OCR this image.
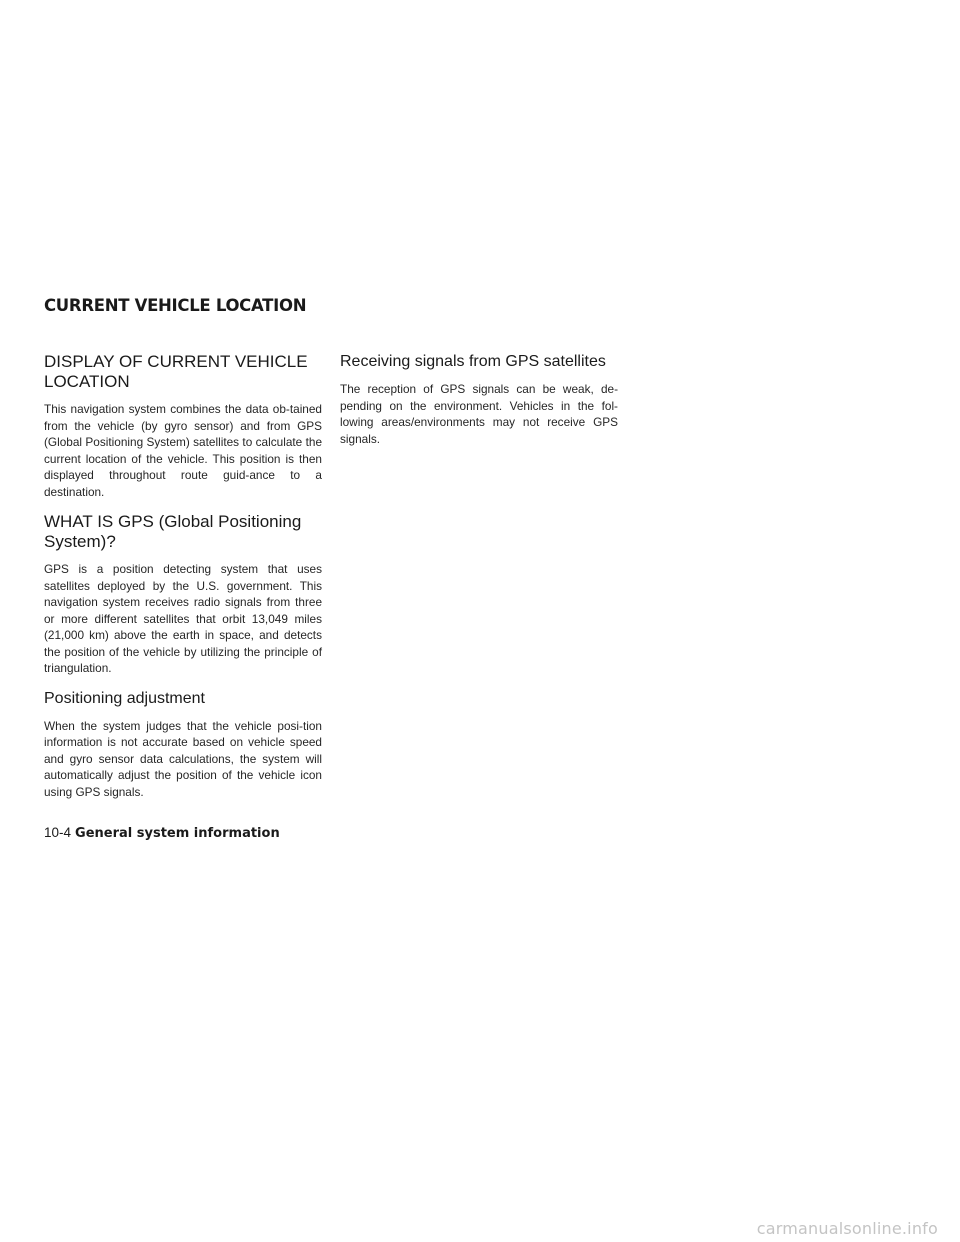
CURRENT VEHICLE LOCATION
DISPLAY OF CURRENT VEHICLE LOCATION

This navigation system combines the data ob-tained from the vehicle (by gyro sensor) and from GPS (Global Positioning System) satellites to calculate the current location of the vehicle. This position is then displayed throughout route guid-ance to a destination.

WHAT IS GPS (Global Positioning System)?

GPS is a position detecting system that uses satellites deployed by the U.S. government. This navigation system receives radio signals from three or more different satellites that orbit 13,049 miles (21,000 km) above the earth in space, and detects the position of the vehicle by utilizing the principle of triangulation.

Positioning adjustment

When the system judges that the vehicle posi-tion information is not accurate based on vehicle speed and gyro sensor data calculations, the system will automatically adjust the position of the vehicle icon using GPS signals.

Receiving signals from GPS satellites

The reception of GPS signals can be weak, de-pending on the environment. Vehicles in the fol-lowing areas/environments may not receive GPS signals.

10-4 General system information
carmanualsonline.info
